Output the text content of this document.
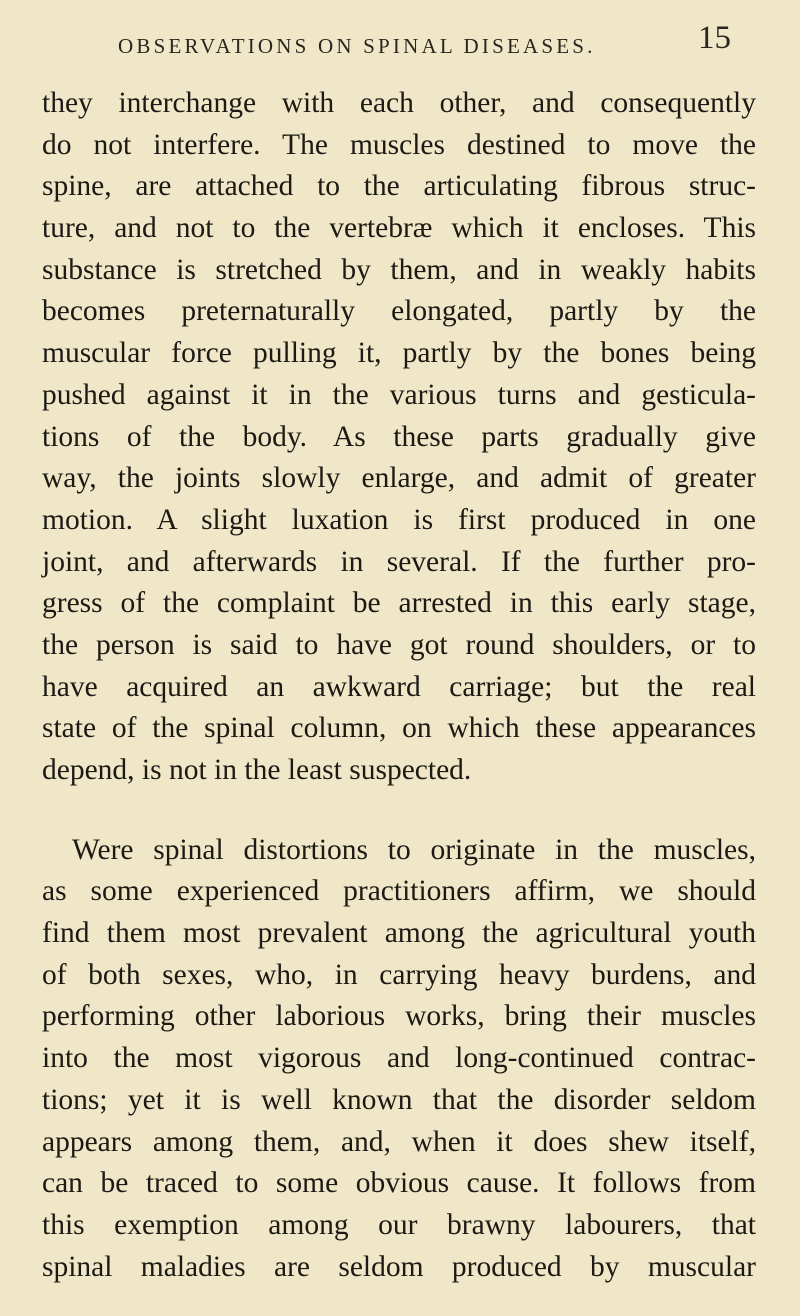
OBSERVATIONS ON SPINAL DISEASES.	15
they interchange with each other, and consequently
do not interfere. The muscles destined to move the
spine, are attached to the articulating fibrous struc-
ture, and not to the vertebræ which it encloses. This
substance is stretched by them, and in weakly habits
becomes preternaturally elongated, partly by the
muscular force pulling it, partly by the bones being
pushed against it in the various turns and gesticula-
tions of the body. As these parts gradually give
way, the joints slowly enlarge, and admit of greater
motion. A slight luxation is first produced in one
joint, and afterwards in several. If the further pro-
gress of the complaint be arrested in this early stage,
the person is said to have got round shoulders, or to
have acquired an awkward carriage; but the real
state of the spinal column, on which these appearances
depend, is not in the least suspected.
Were spinal distortions to originate in the muscles,
as some experienced practitioners affirm, we should
find them most prevalent among the agricultural youth
of both sexes, who, in carrying heavy burdens, and
performing other laborious works, bring their muscles
into the most vigorous and long-continued contrac-
tions; yet it is well known that the disorder seldom
appears among them, and, when it does shew itself,
can be traced to some obvious cause. It follows from
this exemption among our brawny labourers, that
spinal maladies are seldom produced by muscular
